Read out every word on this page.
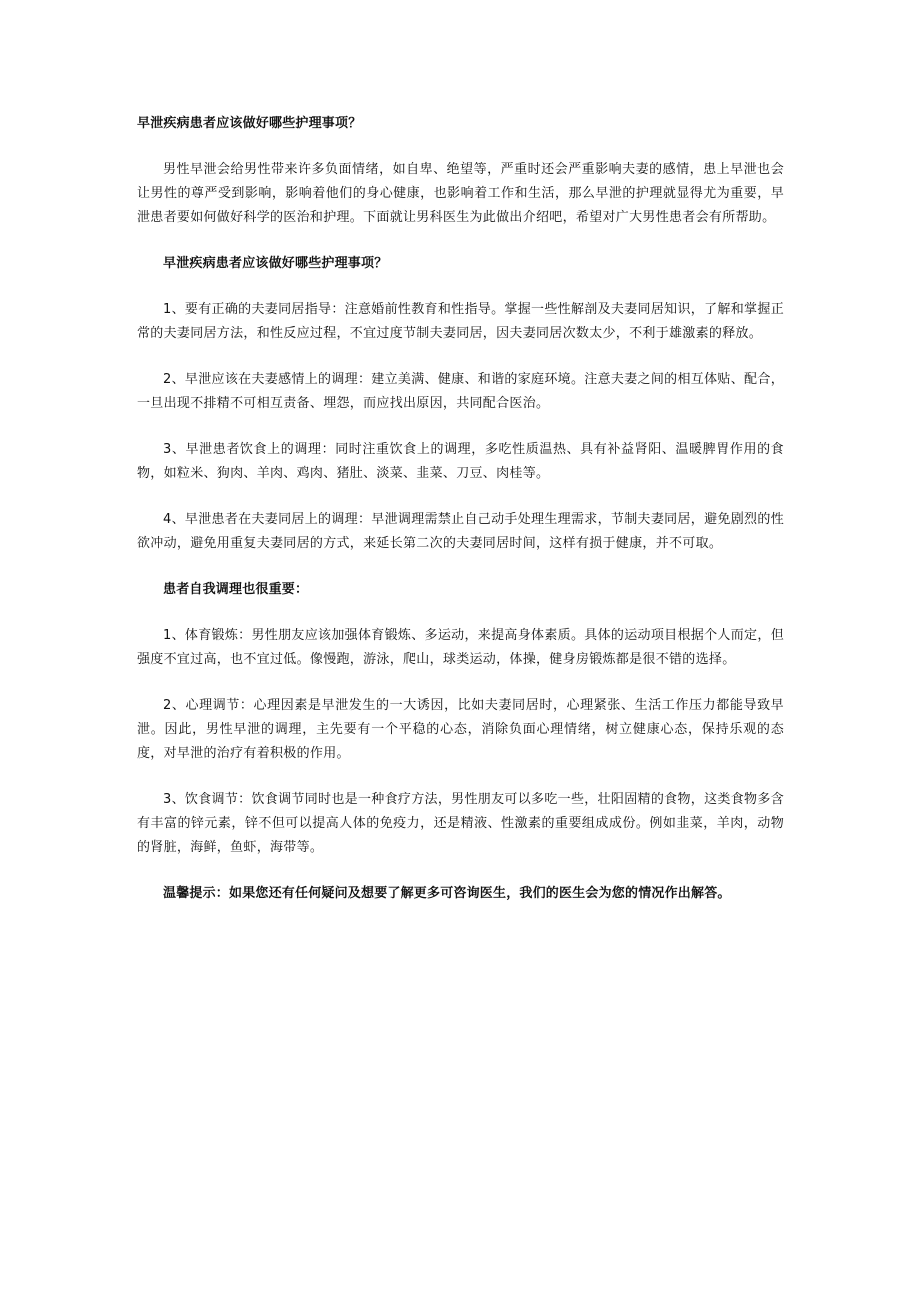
早泄疾病患者应该做好哪些护理事项？

男性早泄会给男性带来许多负面情绪，如自卑、绝望等，严重时还会严重影响夫妻的感情，患上早泄也会让男性的尊严受到影响，影响着他们的身心健康，也影响着工作和生活，那么早泄的护理就显得尤为重要，早泄患者要如何做好科学的医治和护理。下面就让男科医生为此做出介绍吧，希望对广大男性患者会有所帮助。

早泄疾病患者应该做好哪些护理事项？

1、要有正确的夫妻同居指导：注意婚前性教育和性指导。掌握一些性解剖及夫妻同居知识，了解和掌握正常的夫妻同居方法，和性反应过程，不宜过度节制夫妻同居，因夫妻同居次数太少，不利于雄激素的释放。

2、早泄应该在夫妻感情上的调理：建立美满、健康、和谐的家庭环境。注意夫妻之间的相互体贴、配合，一旦出现不排精不可相互责备、埋怨，而应找出原因，共同配合医治。

3、早泄患者饮食上的调理：同时注重饮食上的调理，多吃性质温热、具有补益肾阳、温暖脾胃作用的食物，如粒米、狗肉、羊肉、鸡肉、猪肚、淡菜、韭菜、刀豆、肉桂等。

4、早泄患者在夫妻同居上的调理：早泄调理需禁止自己动手处理生理需求，节制夫妻同居，避免剧烈的性欲冲动，避免用重复夫妻同居的方式，来延长第二次的夫妻同居时间，这样有损于健康，并不可取。

患者自我调理也很重要：

1、体育锻炼：男性朋友应该加强体育锻炼、多运动，来提高身体素质。具体的运动项目根据个人而定，但强度不宜过高，也不宜过低。像慢跑，游泳，爬山，球类运动，体操，健身房锻炼都是很不错的选择。

2、心理调节：心理因素是早泄发生的一大诱因，比如夫妻同居时，心理紧张、生活工作压力都能导致早泄。因此，男性早泄的调理，主先要有一个平稳的心态，消除负面心理情绪，树立健康心态，保持乐观的态度，对早泄的治疗有着积极的作用。

3、饮食调节：饮食调节同时也是一种食疗方法，男性朋友可以多吃一些，壮阳固精的食物，这类食物多含有丰富的锌元素，锌不但可以提高人体的免疫力，还是精液、性激素的重要组成成份。例如韭菜，羊肉，动物的肾脏，海鲜，鱼虾，海带等。

温馨提示：如果您还有任何疑问及想要了解更多可咨询医生，我们的医生会为您的情况作出解答。
